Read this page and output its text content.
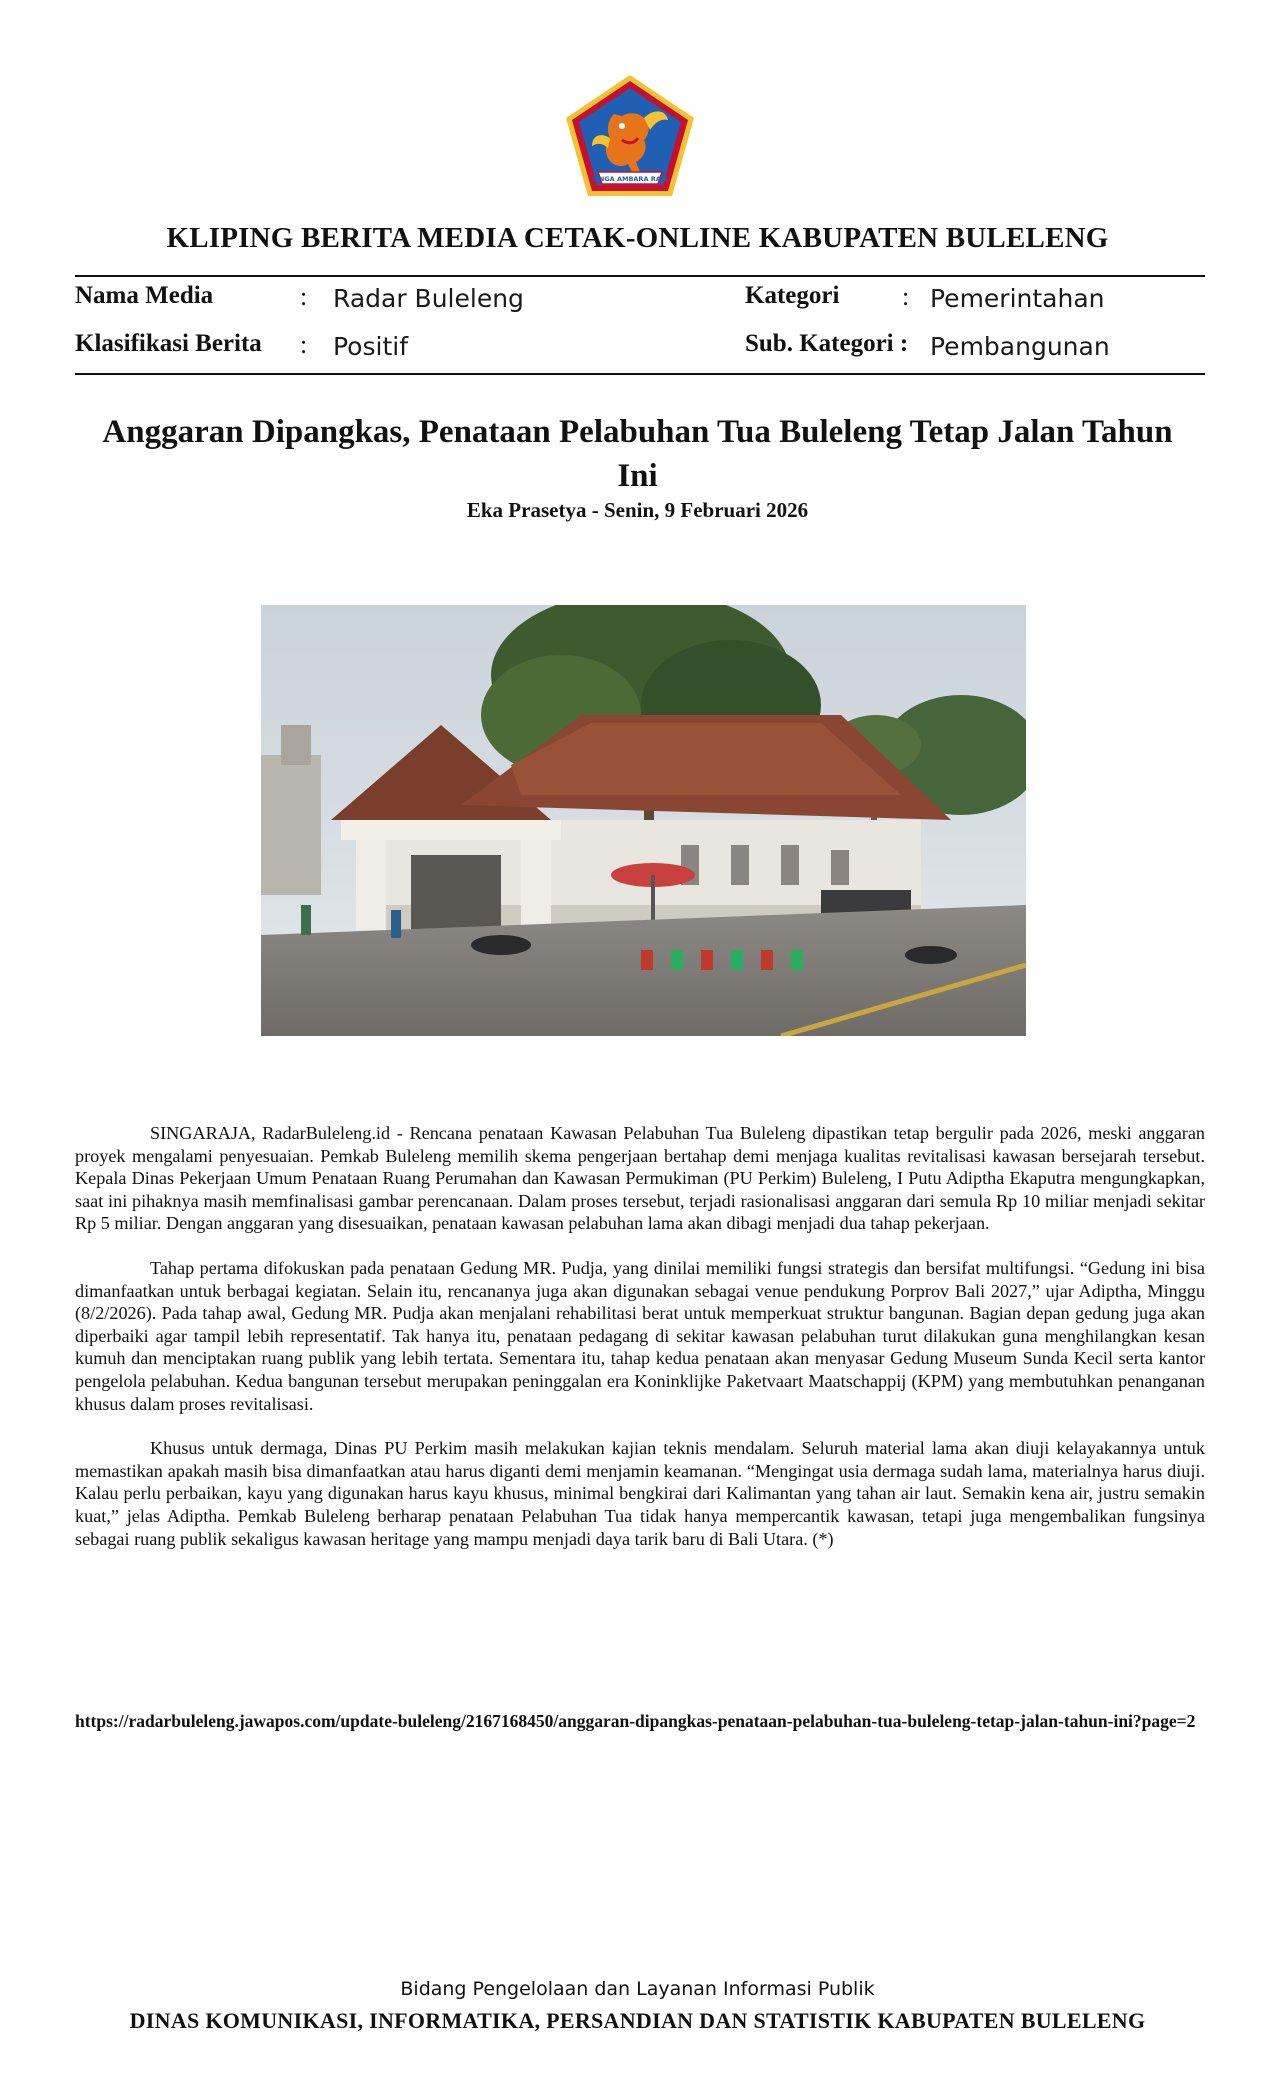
SINGA AMBARA RAJA
KLIPING BERITA MEDIA CETAK-ONLINE KABUPATEN BULELENG
Nama Media	: Radar Buleleng	Kategori : Pemerintahan
Klasifikasi Berita : Positif	Sub. Kategori : Pembangunan
Anggaran Dipangkas, Penataan Pelabuhan Tua Buleleng Tetap Jalan Tahun Ini
Eka Prasetya - Senin, 9 Februari 2026

SINGARAJA, RadarBuleleng.id - Rencana penataan Kawasan Pelabuhan Tua Buleleng dipastikan tetap bergulir pada 2026, meski anggaran proyek mengalami penyesuaian. Pemkab Buleleng memilih skema pengerjaan bertahap demi menjaga kualitas revitalisasi kawasan bersejarah tersebut. Kepala Dinas Pekerjaan Umum Penataan Ruang Perumahan dan Kawasan Permukiman (PU Perkim) Buleleng, I Putu Adiptha Ekaputra mengungkapkan, saat ini pihaknya masih memfinalisasi gambar perencanaan. Dalam proses tersebut, terjadi rasionalisasi anggaran dari semula Rp 10 miliar menjadi sekitar Rp 5 miliar. Dengan anggaran yang disesuaikan, penataan kawasan pelabuhan lama akan dibagi menjadi dua tahap pekerjaan.

Tahap pertama difokuskan pada penataan Gedung MR. Pudja, yang dinilai memiliki fungsi strategis dan bersifat multifungsi. “Gedung ini bisa dimanfaatkan untuk berbagai kegiatan. Selain itu, rencananya juga akan digunakan sebagai venue pendukung Porprov Bali 2027,” ujar Adiptha, Minggu (8/2/2026). Pada tahap awal, Gedung MR. Pudja akan menjalani rehabilitasi berat untuk memperkuat struktur bangunan. Bagian depan gedung juga akan diperbaiki agar tampil lebih representatif. Tak hanya itu, penataan pedagang di sekitar kawasan pelabuhan turut dilakukan guna menghilangkan kesan kumuh dan menciptakan ruang publik yang lebih tertata. Sementara itu, tahap kedua penataan akan menyasar Gedung Museum Sunda Kecil serta kantor pengelola pelabuhan. Kedua bangunan tersebut merupakan peninggalan era Koninklijke Paketvaart Maatschappij (KPM) yang membutuhkan penanganan khusus dalam proses revitalisasi.

Khusus untuk dermaga, Dinas PU Perkim masih melakukan kajian teknis mendalam. Seluruh material lama akan diuji kelayakannya untuk memastikan apakah masih bisa dimanfaatkan atau harus diganti demi menjamin keamanan. “Mengingat usia dermaga sudah lama, materialnya harus diuji. Kalau perlu perbaikan, kayu yang digunakan harus kayu khusus, minimal bengkirai dari Kalimantan yang tahan air laut. Semakin kena air, justru semakin kuat,” jelas Adiptha. Pemkab Buleleng berharap penataan Pelabuhan Tua tidak hanya mempercantik kawasan, tetapi juga mengembalikan fungsinya sebagai ruang publik sekaligus kawasan heritage yang mampu menjadi daya tarik baru di Bali Utara. (*)

https://radarbuleleng.jawapos.com/update-buleleng/2167168450/anggaran-dipangkas-penataan-pelabuhan-tua-buleleng-tetap-jalan-tahun-ini?page=2
Bidang Pengelolaan dan Layanan Informasi Publik
DINAS KOMUNIKASI, INFORMATIKA, PERSANDIAN DAN STATISTIK KABUPATEN BULELENG
